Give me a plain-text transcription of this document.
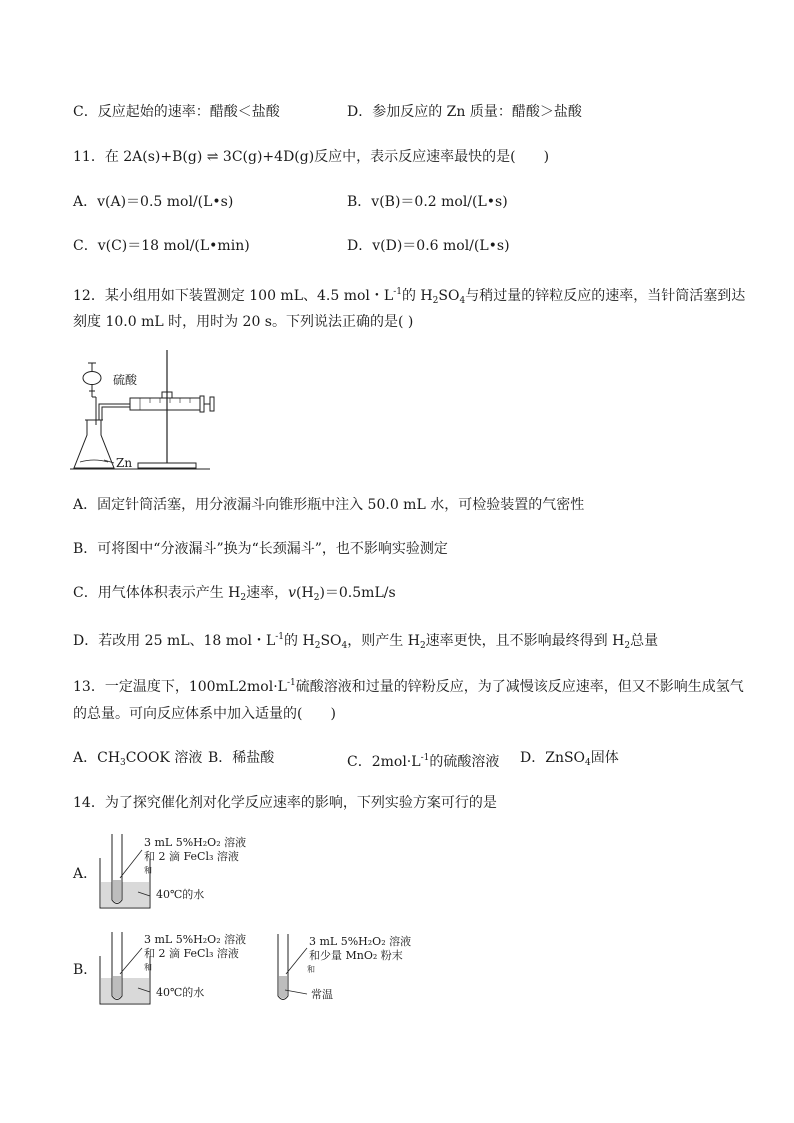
C．反应起始的速率：醋酸＜盐酸	D．参加反应的 Zn 质量：醋酸＞盐酸
11．在 2A(s)+B(g) ⇌ 3C(g)+4D(g)反应中，表示反应速率最快的是(　　)
A．v(A)＝0.5 mol/(L•s)	B．v(B)＝0.2 mol/(L•s)
C．v(C)＝18 mol/(L•min)	D．v(D)＝0.6 mol/(L•s)
12．某小组用如下装置测定 100 mL、4.5 mol・$L^{-1}$的 $H_2SO_4$与稍过量的锌粒反应的速率，当针筒活塞到达
刻度 10.0 mL 时，用时为 20 s。下列说法正确的是( )
硫酸
Zn
A．固定针筒活塞，用分液漏斗向锥形瓶中注入 50.0 mL 水，可检验装置的气密性
B．可将图中“分液漏斗”换为“长颈漏斗”，也不影响实验测定
C．用气体体积表示产生 $H_2$速率，$v(H_2)=0.5mL/s$
D．若改用 25 mL、18 mol・$L^{-1}$的 $H_2SO_4$，则产生 $H_2$速率更快，且不影响最终得到 $H_2$总量
13．一定温度下，$100mL2mol\cdot L^{-1}$硫酸溶液和过量的锌粉反应，为了减慢该反应速率，但又不影响生成氢气
的总量。可向反应体系中加入适量的(　　)
A．$CH_3COOK$ 溶液 B．稀盐酸	C．$2mol\cdot L^{-1}$的硫酸溶液 D．ZnSO$_4$固体
14．为了探究催化剂对化学反应速率的影响，下列实验方案可行的是
A．
3 mL 5%H₂O₂ 溶液
和 2 滴 FeCl₃ 溶液
和
40℃的水
B．
3 mL 5%H₂O₂ 溶液
和 2 滴 FeCl₃ 溶液
和
40℃的水
3 mL 5%H₂O₂ 溶液
和少量 MnO₂ 粉末
和
常温
